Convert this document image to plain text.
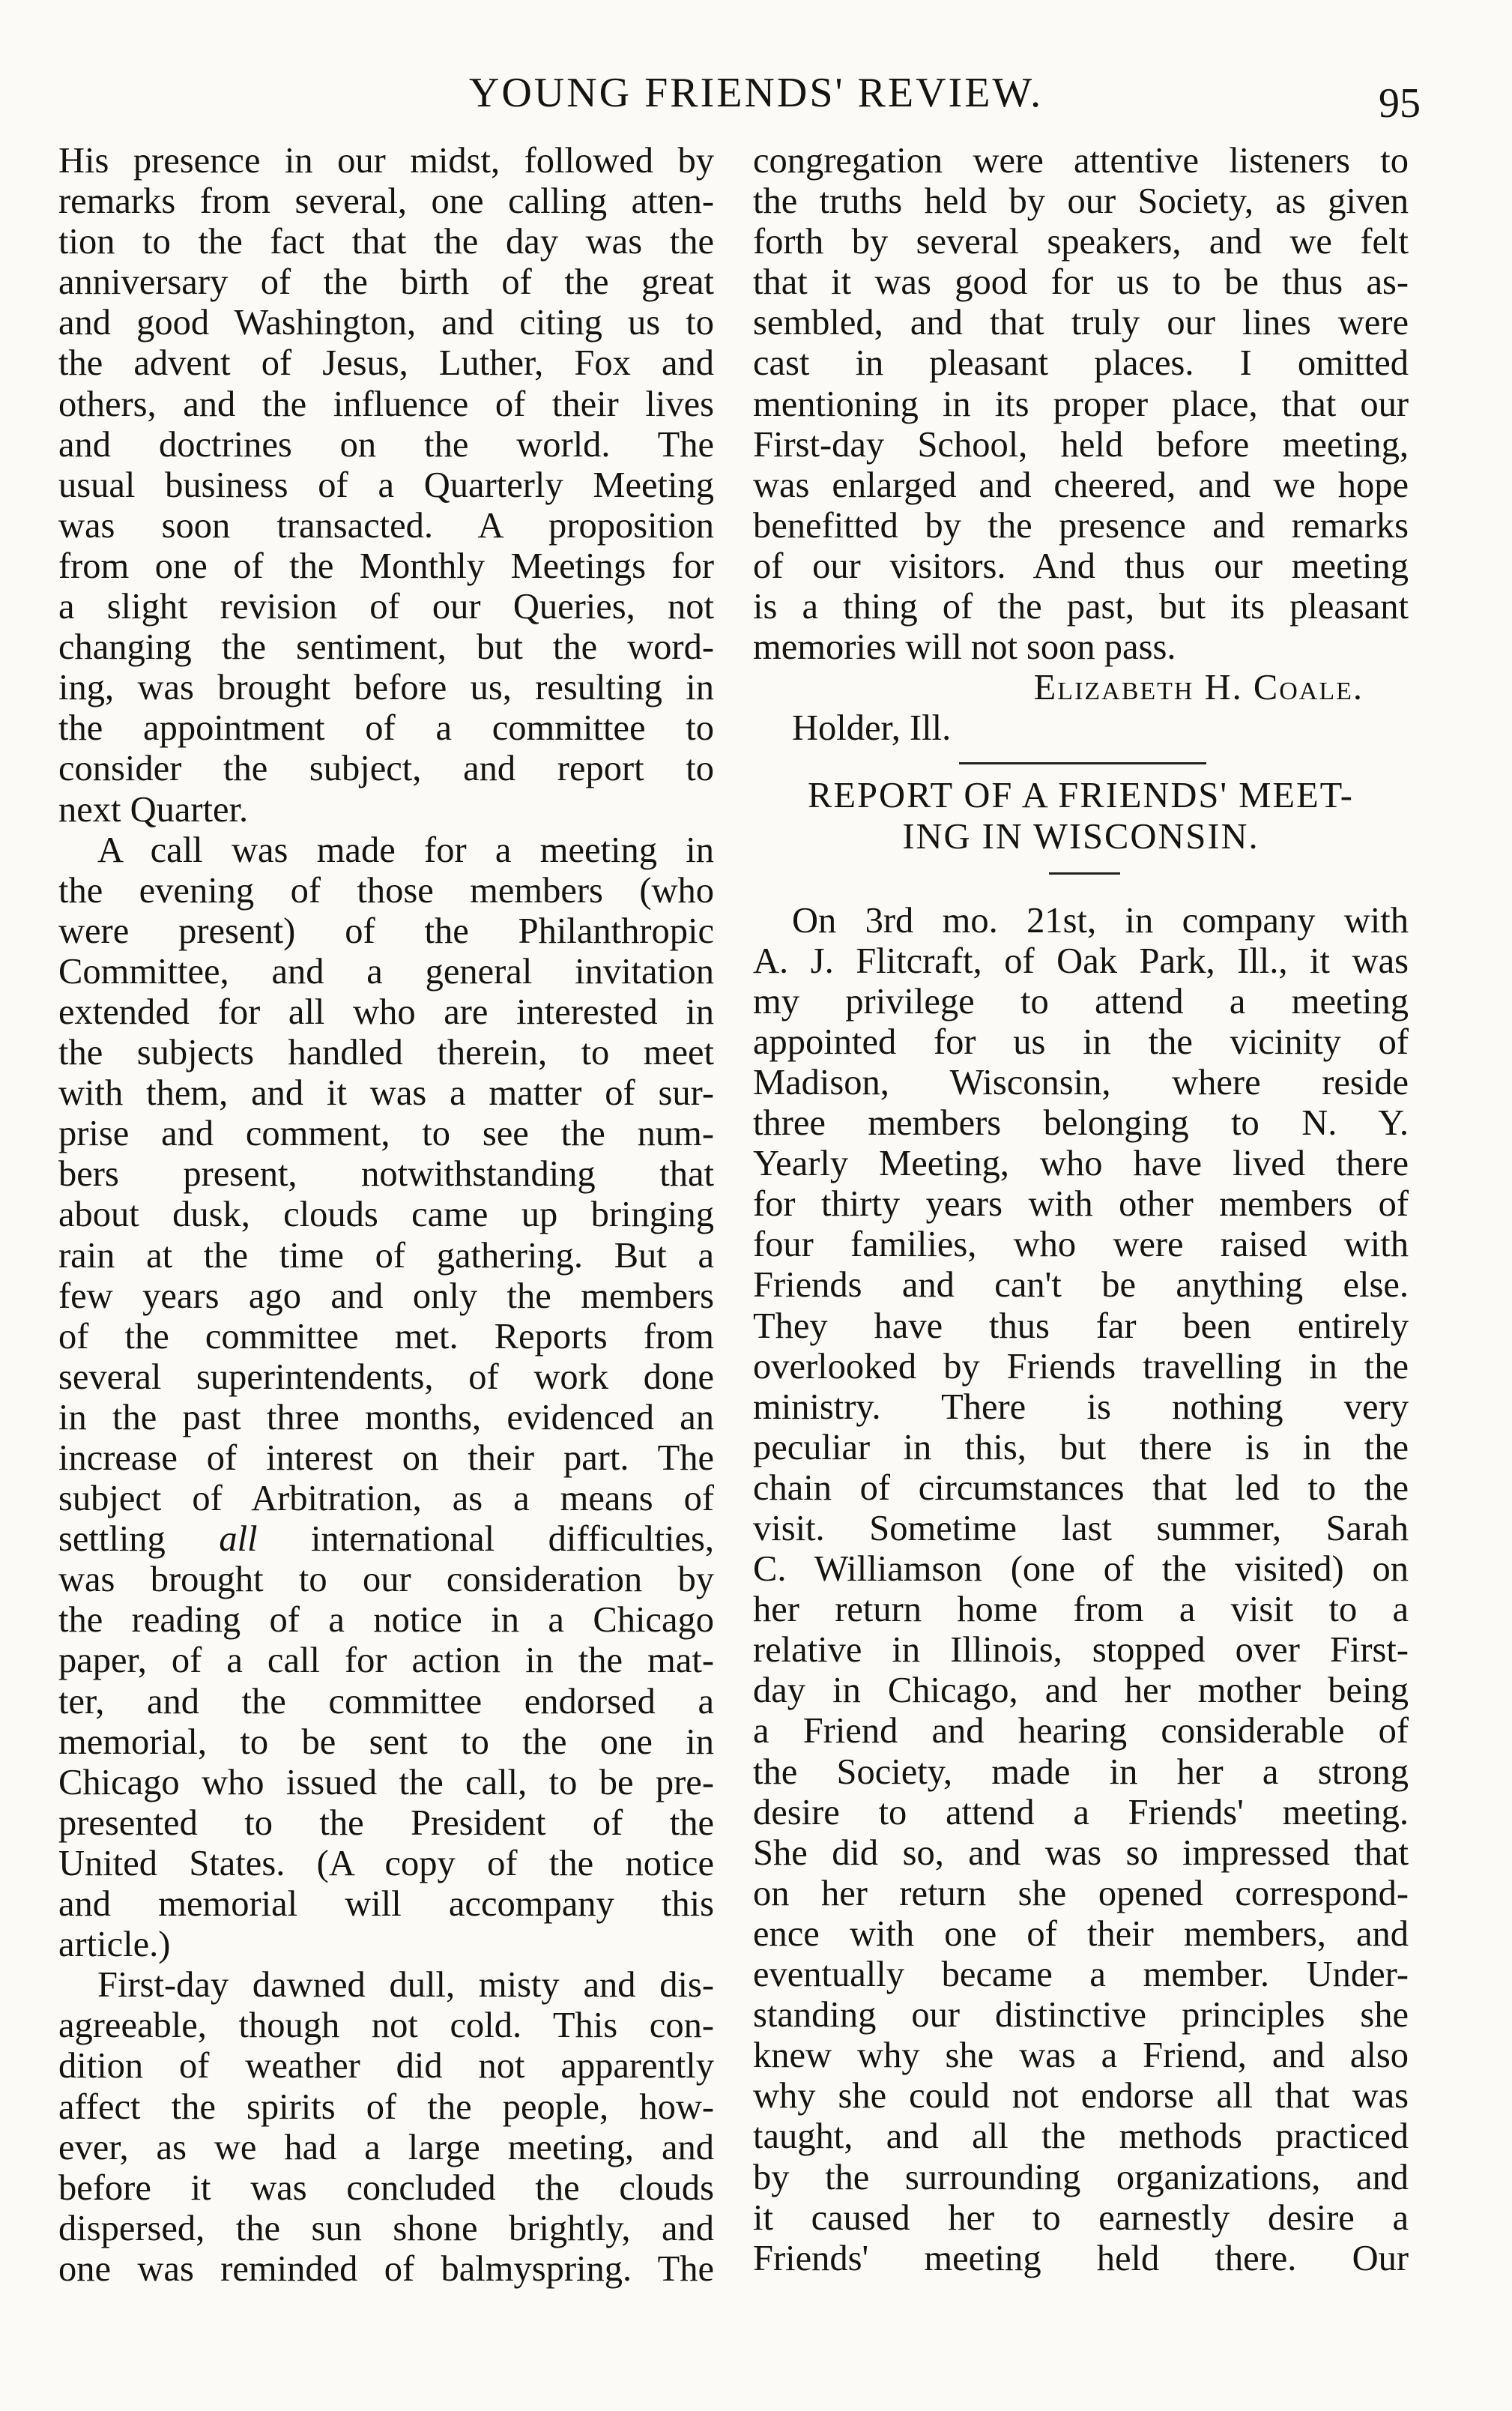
YOUNG FRIENDS' REVIEW.	95
His presence in our midst, followed by
remarks from several, one calling atten-
tion to the fact that the day was the
anniversary of the birth of the great
and good Washington, and citing us to
the advent of Jesus, Luther, Fox and
others, and the influence of their lives
and doctrines on the world. The
usual business of a Quarterly Meeting
was soon transacted. A proposition
from one of the Monthly Meetings for
a slight revision of our Queries, not
changing the sentiment, but the word-
ing, was brought before us, resulting in
the appointment of a committee to
consider the subject, and report to
next Quarter.
A call was made for a meeting in
the evening of those members (who
were present) of the Philanthropic
Committee, and a general invitation
extended for all who are interested in
the subjects handled therein, to meet
with them, and it was a matter of sur-
prise and comment, to see the num-
bers present, notwithstanding that
about dusk, clouds came up bringing
rain at the time of gathering. But a
few years ago and only the members
of the committee met. Reports from
several superintendents, of work done
in the past three months, evidenced an
increase of interest on their part. The
subject of Arbitration, as a means of
settling all international difficulties,
was brought to our consideration by
the reading of a notice in a Chicago
paper, of a call for action in the mat-
ter, and the committee endorsed a
memorial, to be sent to the one in
Chicago who issued the call, to be pre-
presented to the President of the
United States. (A copy of the notice
and memorial will accompany this
article.)
First-day dawned dull, misty and dis-
agreeable, though not cold. This con-
dition of weather did not apparently
affect the spirits of the people, how-
ever, as we had a large meeting, and
before it was concluded the clouds
dispersed, the sun shone brightly, and
one was reminded of balmyspring. The
congregation were attentive listeners to
the truths held by our Society, as given
forth by several speakers, and we felt
that it was good for us to be thus as-
sembled, and that truly our lines were
cast in pleasant places. I omitted
mentioning in its proper place, that our
First-day School, held before meeting,
was enlarged and cheered, and we hope
benefitted by the presence and remarks
of our visitors. And thus our meeting
is a thing of the past, but its pleasant
memories will not soon pass.
Elizabeth H. Coale.
Holder, Ill.
REPORT OF A FRIENDS' MEET-
ING IN WISCONSIN.
On 3rd mo. 21st, in company with
A. J. Flitcraft, of Oak Park, Ill., it was
my privilege to attend a meeting
appointed for us in the vicinity of
Madison, Wisconsin, where reside
three members belonging to N. Y.
Yearly Meeting, who have lived there
for thirty years with other members of
four families, who were raised with
Friends and can't be anything else.
They have thus far been entirely
overlooked by Friends travelling in the
ministry. There is nothing very
peculiar in this, but there is in the
chain of circumstances that led to the
visit. Sometime last summer, Sarah
C. Williamson (one of the visited) on
her return home from a visit to a
relative in Illinois, stopped over First-
day in Chicago, and her mother being
a Friend and hearing considerable of
the Society, made in her a strong
desire to attend a Friends' meeting.
She did so, and was so impressed that
on her return she opened correspond-
ence with one of their members, and
eventually became a member. Under-
standing our distinctive principles she
knew why she was a Friend, and also
why she could not endorse all that was
taught, and all the methods practiced
by the surrounding organizations, and
it caused her to earnestly desire a
Friends' meeting held there. Our
